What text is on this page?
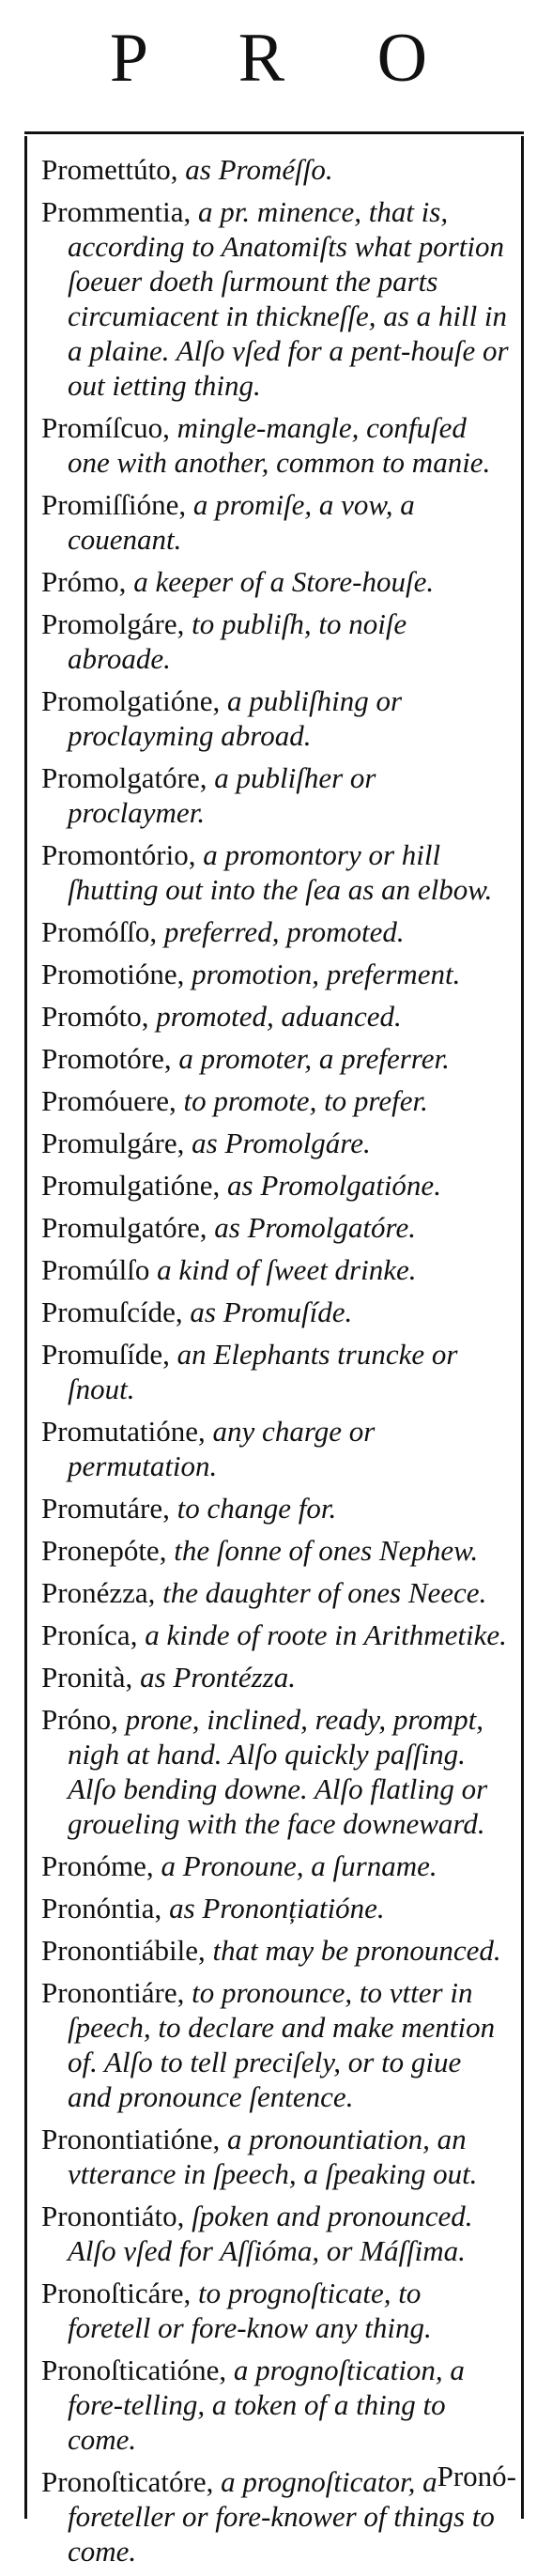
P R O
Promettúto, as Proméſſo.
Prommentia, a pr. minence, that is, according to Anatomiſts what portion ſoeuer doeth ſurmount the parts circumiacent in thickneſſe, as a hill in a plaine. Alſo vſed for a pent-houſe or out ietting thing.
Promíſcuo, mingle-mangle, confuſed one with another, common to manie.
Promiſſióne, a promiſe, a vow, a couenant.
Prómo, a keeper of a Store-houſe.
Promolgáre, to publiſh, to noiſe abroade.
Promolgatióne, a publiſhing or proclayming abroad.
Promolgatóre, a publiſher or proclaymer.
Promontório, a promontory or hill ſhutting out into the ſea as an elbow.
Promóſſo, preferred, promoted.
Promotióne, promotion, preferment.
Promóto, promoted, aduanced.
Promotóre, a promoter, a preferrer.
Promóuere, to promote, to prefer.
Promulgáre, as Promolgáre.
Promulgatióne, as Promolgatióne.
Promulgatóre, as Promolgatóre.
Promúlſo a kind of ſweet drinke.
Promuſcíde, as Promuſíde.
Promuſíde, an Elephants truncke or ſnout.
Promutatióne, any charge or permutation.
Promutáre, to change for.
Pronepóte, the ſonne of ones Nephew.
Pronézza, the daughter of ones Neece.
Proníca, a kinde of roote in Arithmetike.
Pronità, as Prontézza.
Próno, prone, inclined, ready, prompt, nigh at hand. Alſo quickly paſſing. Alſo bending downe. Alſo flatling or groueling with the face downeward.
Pronóme, a Pronoune, a ſurname.
Pronóntia, as Prononțiatióne.
Pronontiábile, that may be pronounced.
Pronontiáre, to pronounce, to vtter in ſpeech, to declare and make mention of. Alſo to tell preciſely, or to giue and pronounce ſentence.
Pronontiatióne, a pronountiation, an vtterance in ſpeech, a ſpeaking out.
Pronontiáto, ſpoken and pronounced. Alſo vſed for Aſſióma, or Máſſima.
Pronoſticáre, to prognoſticate, to foretell or fore-know any thing.
Pronoſticatióne, a prognoſtication, a fore-telling, a token of a thing to come.
Pronoſticatóre, a prognoſticator, a foreteller or fore-knower of things to come.
Pronó-
